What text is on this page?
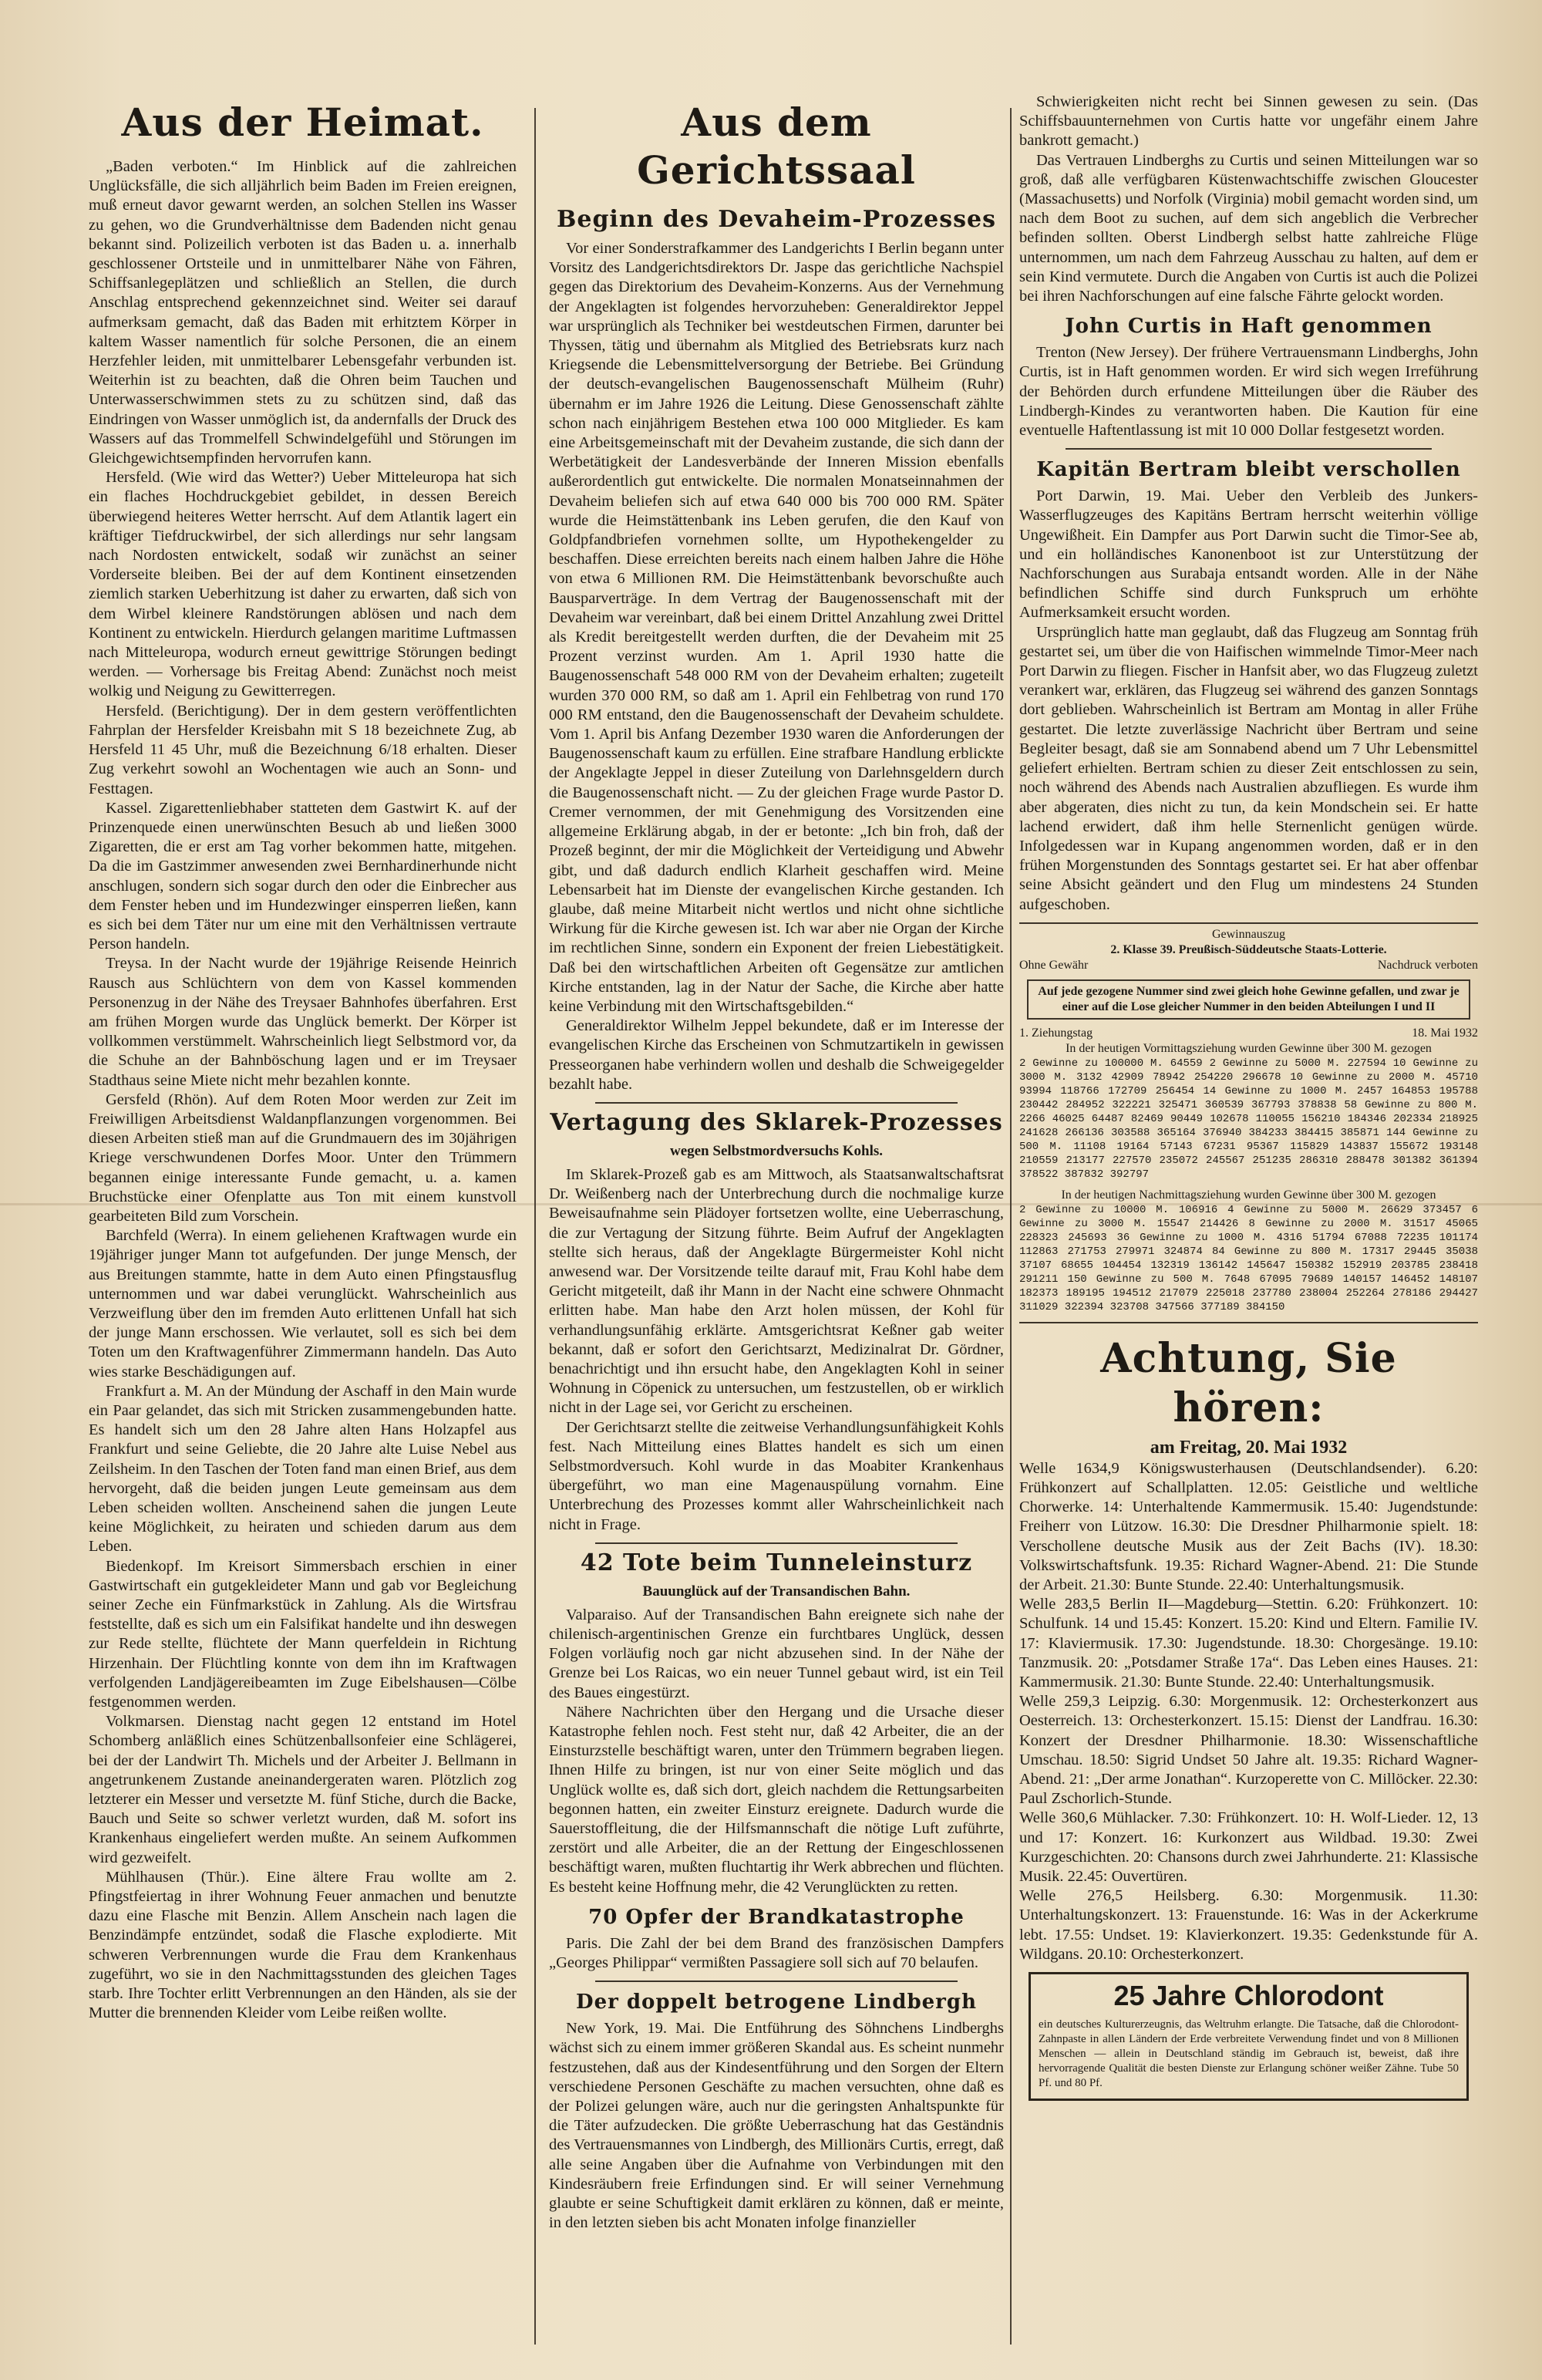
Aus der Heimat.

„Baden verboten.“ Im Hinblick auf die zahlreichen Unglücksfälle, die sich alljährlich beim Baden im Freien ereignen, muß erneut davor gewarnt werden, an solchen Stellen ins Wasser zu gehen, wo die Grundverhältnisse dem Badenden nicht genau bekannt sind. Polizeilich verboten ist das Baden u. a. innerhalb geschlossener Ortsteile und in unmittelbarer Nähe von Fähren, Schiffsanlegeplätzen und schließlich an Stellen, die durch Anschlag entsprechend gekennzeichnet sind. Weiter sei darauf aufmerksam gemacht, daß das Baden mit erhitztem Körper in kaltem Wasser namentlich für solche Personen, die an einem Herzfehler leiden, mit unmittelbarer Lebensgefahr verbunden ist. Weiterhin ist zu beachten, daß die Ohren beim Tauchen und Unterwasserschwimmen stets zu zu schützen sind, daß das Eindringen von Wasser unmöglich ist, da andernfalls der Druck des Wassers auf das Trommelfell Schwindelgefühl und Störungen im Gleichgewichtsempfinden hervorrufen kann.

Hersfeld. (Wie wird das Wetter?) Ueber Mitteleuropa hat sich ein flaches Hochdruckgebiet gebildet, in dessen Bereich überwiegend heiteres Wetter herrscht. Auf dem Atlantik lagert ein kräftiger Tiefdruckwirbel, der sich allerdings nur sehr langsam nach Nordosten entwickelt, sodaß wir zunächst an seiner Vorderseite bleiben. Bei der auf dem Kontinent einsetzenden ziemlich starken Ueberhitzung ist daher zu erwarten, daß sich von dem Wirbel kleinere Randstörungen ablösen und nach dem Kontinent zu entwickeln. Hierdurch gelangen maritime Luftmassen nach Mitteleuropa, wodurch erneut gewittrige Störungen bedingt werden. — Vorhersage bis Freitag Abend: Zunächst noch meist wolkig und Neigung zu Gewitterregen.

Hersfeld. (Berichtigung). Der in dem gestern veröffentlichten Fahrplan der Hersfelder Kreisbahn mit S 18 bezeichnete Zug, ab Hersfeld 11 45 Uhr, muß die Bezeichnung 6/18 erhalten. Dieser Zug verkehrt sowohl an Wochentagen wie auch an Sonn- und Festtagen.

Kassel. Zigarettenliebhaber statteten dem Gastwirt K. auf der Prinzenquede einen unerwünschten Besuch ab und ließen 3000 Zigaretten, die er erst am Tag vorher bekommen hatte, mitgehen. Da die im Gastzimmer anwesenden zwei Bernhardinerhunde nicht anschlugen, sondern sich sogar durch den oder die Einbrecher aus dem Fenster heben und im Hundezwinger einsperren ließen, kann es sich bei dem Täter nur um eine mit den Verhältnissen vertraute Person handeln.

Treysa. In der Nacht wurde der 19jährige Reisende Heinrich Rausch aus Schlüchtern von dem von Kassel kommenden Personenzug in der Nähe des Treysaer Bahnhofes überfahren. Erst am frühen Morgen wurde das Unglück bemerkt. Der Körper ist vollkommen verstümmelt. Wahrscheinlich liegt Selbstmord vor, da die Schuhe an der Bahnböschung lagen und er im Treysaer Stadthaus seine Miete nicht mehr bezahlen konnte.

Gersfeld (Rhön). Auf dem Roten Moor werden zur Zeit im Freiwilligen Arbeitsdienst Waldanpflanzungen vorgenommen. Bei diesen Arbeiten stieß man auf die Grundmauern des im 30jährigen Kriege verschwundenen Dorfes Moor. Unter den Trümmern begannen einige interessante Funde gemacht, u. a. kamen Bruchstücke einer Ofenplatte aus Ton mit einem kunstvoll gearbeiteten Bild zum Vorschein.

Barchfeld (Werra). In einem geliehenen Kraftwagen wurde ein 19jähriger junger Mann tot aufgefunden. Der junge Mensch, der aus Breitungen stammte, hatte in dem Auto einen Pfingstausflug unternommen und war dabei verunglückt. Wahrscheinlich aus Verzweiflung über den im fremden Auto erlittenen Unfall hat sich der junge Mann erschossen. Wie verlautet, soll es sich bei dem Toten um den Kraftwagenführer Zimmermann handeln. Das Auto wies starke Beschädigungen auf.

Frankfurt a. M. An der Mündung der Aschaff in den Main wurde ein Paar gelandet, das sich mit Stricken zusammengebunden hatte. Es handelt sich um den 28 Jahre alten Hans Holzapfel aus Frankfurt und seine Geliebte, die 20 Jahre alte Luise Nebel aus Zeilsheim. In den Taschen der Toten fand man einen Brief, aus dem hervorgeht, daß die beiden jungen Leute gemeinsam aus dem Leben scheiden wollten. Anscheinend sahen die jungen Leute keine Möglichkeit, zu heiraten und schieden darum aus dem Leben.

Biedenkopf. Im Kreisort Simmersbach erschien in einer Gastwirtschaft ein gutgekleideter Mann und gab vor Begleichung seiner Zeche ein Fünfmarkstück in Zahlung. Als die Wirtsfrau feststellte, daß es sich um ein Falsifikat handelte und ihn deswegen zur Rede stellte, flüchtete der Mann querfeldein in Richtung Hirzenhain. Der Flüchtling konnte von dem ihn im Kraftwagen verfolgenden Landjägereibeamten im Zuge Eibelshausen—Cölbe festgenommen werden.

Volkmarsen. Dienstag nacht gegen 12 entstand im Hotel Schomberg anläßlich eines Schützenballsonfeier eine Schlägerei, bei der der Landwirt Th. Michels und der Arbeiter J. Bellmann in angetrunkenem Zustande aneinandergeraten waren. Plötzlich zog letzterer ein Messer und versetzte M. fünf Stiche, durch die Backe, Bauch und Seite so schwer verletzt wurden, daß M. sofort ins Krankenhaus eingeliefert werden mußte. An seinem Aufkommen wird gezweifelt.

Mühlhausen (Thür.). Eine ältere Frau wollte am 2. Pfingstfeiertag in ihrer Wohnung Feuer anmachen und benutzte dazu eine Flasche mit Benzin. Allem Anschein nach lagen die Benzindämpfe entzündet, sodaß die Flasche explodierte. Mit schweren Verbrennungen wurde die Frau dem Krankenhaus zugeführt, wo sie in den Nachmittagsstunden des gleichen Tages starb. Ihre Tochter erlitt Verbrennungen an den Händen, als sie der Mutter die brennenden Kleider vom Leibe reißen wollte.

Aus dem Gerichtssaal
Beginn des Devaheim-Prozesses

Vor einer Sonderstrafkammer des Landgerichts I Berlin begann unter Vorsitz des Landgerichtsdirektors Dr. Jaspe das gerichtliche Nachspiel gegen das Direktorium des Devaheim-Konzerns. Aus der Vernehmung der Angeklagten ist folgendes hervorzuheben: Generaldirektor Jeppel war ursprünglich als Techniker bei westdeutschen Firmen, darunter bei Thyssen, tätig und übernahm als Mitglied des Betriebsrats kurz nach Kriegsende die Lebensmittelversorgung der Betriebe. Bei Gründung der deutsch-evangelischen Baugenossenschaft Mülheim (Ruhr) übernahm er im Jahre 1926 die Leitung. Diese Genossenschaft zählte schon nach einjährigem Bestehen etwa 100 000 Mitglieder. Es kam eine Arbeitsgemeinschaft mit der Devaheim zustande, die sich dann der Werbetätigkeit der Landesverbände der Inneren Mission ebenfalls außerordentlich gut entwickelte. Die normalen Monatseinnahmen der Devaheim beliefen sich auf etwa 640 000 bis 700 000 RM. Später wurde die Heimstättenbank ins Leben gerufen, die den Kauf von Goldpfandbriefen vornehmen sollte, um Hypothekengelder zu beschaffen. Diese erreichten bereits nach einem halben Jahre die Höhe von etwa 6 Millionen RM. Die Heimstättenbank bevorschußte auch Bausparverträge. In dem Vertrag der Baugenossenschaft mit der Devaheim war vereinbart, daß bei einem Drittel Anzahlung zwei Drittel als Kredit bereitgestellt werden durften, die der Devaheim mit 25 Prozent verzinst wurden. Am 1. April 1930 hatte die Baugenossenschaft 548 000 RM von der Devaheim erhalten; zugeteilt wurden 370 000 RM, so daß am 1. April ein Fehlbetrag von rund 170 000 RM entstand, den die Baugenossenschaft der Devaheim schuldete. Vom 1. April bis Anfang Dezember 1930 waren die Anforderungen der Baugenossenschaft kaum zu erfüllen. Eine strafbare Handlung erblickte der Angeklagte Jeppel in dieser Zuteilung von Darlehnsgeldern durch die Baugenossenschaft nicht. — Zu der gleichen Frage wurde Pastor D. Cremer vernommen, der mit Genehmigung des Vorsitzenden eine allgemeine Erklärung abgab, in der er betonte: „Ich bin froh, daß der Prozeß beginnt, der mir die Möglichkeit der Verteidigung und Abwehr gibt, und daß dadurch endlich Klarheit geschaffen wird. Meine Lebensarbeit hat im Dienste der evangelischen Kirche gestanden. Ich glaube, daß meine Mitarbeit nicht wertlos und nicht ohne sichtliche Wirkung für die Kirche gewesen ist. Ich war aber nie Organ der Kirche im rechtlichen Sinne, sondern ein Exponent der freien Liebestätigkeit. Daß bei den wirtschaftlichen Arbeiten oft Gegensätze zur amtlichen Kirche entstanden, lag in der Natur der Sache, die Kirche aber hatte keine Verbindung mit den Wirtschaftsgebilden.“

Generaldirektor Wilhelm Jeppel bekundete, daß er im Interesse der evangelischen Kirche das Erscheinen von Schmutzartikeln in gewissen Presseorganen habe verhindern wollen und deshalb die Schweigegelder bezahlt habe.

Vertagung des Sklarek-Prozesses
wegen Selbstmordversuchs Kohls.

Im Sklarek-Prozeß gab es am Mittwoch, als Staatsanwaltschaftsrat Dr. Weißenberg nach der Unterbrechung durch die nochmalige kurze Beweisaufnahme sein Plädoyer fortsetzen wollte, eine Ueberraschung, die zur Vertagung der Sitzung führte. Beim Aufruf der Angeklagten stellte sich heraus, daß der Angeklagte Bürgermeister Kohl nicht anwesend war. Der Vorsitzende teilte darauf mit, Frau Kohl habe dem Gericht mitgeteilt, daß ihr Mann in der Nacht eine schwere Ohnmacht erlitten habe. Man habe den Arzt holen müssen, der Kohl für verhandlungsunfähig erklärte. Amtsgerichtsrat Keßner gab weiter bekannt, daß er sofort den Gerichtsarzt, Medizinalrat Dr. Gördner, benachrichtigt und ihn ersucht habe, den Angeklagten Kohl in seiner Wohnung in Cöpenick zu untersuchen, um festzustellen, ob er wirklich nicht in der Lage sei, vor Gericht zu erscheinen.

Der Gerichtsarzt stellte die zeitweise Verhandlungsunfähigkeit Kohls fest. Nach Mitteilung eines Blattes handelt es sich um einen Selbstmordversuch. Kohl wurde in das Moabiter Krankenhaus übergeführt, wo man eine Magenauspülung vornahm. Eine Unterbrechung des Prozesses kommt aller Wahrscheinlichkeit nach nicht in Frage.

42 Tote beim Tunneleinsturz
Bauunglück auf der Transandischen Bahn.

Valparaiso. Auf der Transandischen Bahn ereignete sich nahe der chilenisch-argentinischen Grenze ein furchtbares Unglück, dessen Folgen vorläufig noch gar nicht abzusehen sind. In der Nähe der Grenze bei Los Raicas, wo ein neuer Tunnel gebaut wird, ist ein Teil des Baues eingestürzt.

Nähere Nachrichten über den Hergang und die Ursache dieser Katastrophe fehlen noch. Fest steht nur, daß 42 Arbeiter, die an der Einsturzstelle beschäftigt waren, unter den Trümmern begraben liegen. Ihnen Hilfe zu bringen, ist nur von einer Seite möglich und das Unglück wollte es, daß sich dort, gleich nachdem die Rettungsarbeiten begonnen hatten, ein zweiter Einsturz ereignete. Dadurch wurde die Sauerstoffleitung, die der Hilfsmannschaft die nötige Luft zuführte, zerstört und alle Arbeiter, die an der Rettung der Eingeschlossenen beschäftigt waren, mußten fluchtartig ihr Werk abbrechen und flüchten. Es besteht keine Hoffnung mehr, die 42 Verunglückten zu retten.

70 Opfer der Brandkatastrophe

Paris. Die Zahl der bei dem Brand des französischen Dampfers „Georges Philippar“ vermißten Passagiere soll sich auf 70 belaufen.

Der doppelt betrogene Lindbergh

New York, 19. Mai. Die Entführung des Söhnchens Lindberghs wächst sich zu einem immer größeren Skandal aus. Es scheint nunmehr festzustehen, daß aus der Kindesentführung und den Sorgen der Eltern verschiedene Personen Geschäfte zu machen versuchten, ohne daß es der Polizei gelungen wäre, auch nur die geringsten Anhaltspunkte für die Täter aufzudecken. Die größte Ueberraschung hat das Geständnis des Vertrauensmannes von Lindbergh, des Millionärs Curtis, erregt, daß alle seine Angaben über die Aufnahme von Verbindungen mit den Kindesräubern freie Erfindungen sind. Er will seiner Vernehmung glaubte er seine Schuftigkeit damit erklären zu können, daß er meinte, in den letzten sieben bis acht Monaten infolge finanzieller

Schwierigkeiten nicht recht bei Sinnen gewesen zu sein. (Das Schiffsbauunternehmen von Curtis hatte vor ungefähr einem Jahre bankrott gemacht.)

Das Vertrauen Lindberghs zu Curtis und seinen Mitteilungen war so groß, daß alle verfügbaren Küstenwachtschiffe zwischen Gloucester (Massachusetts) und Norfolk (Virginia) mobil gemacht worden sind, um nach dem Boot zu suchen, auf dem sich angeblich die Verbrecher befinden sollten. Oberst Lindbergh selbst hatte zahlreiche Flüge unternommen, um nach dem Fahrzeug Ausschau zu halten, auf dem er sein Kind vermutete. Durch die Angaben von Curtis ist auch die Polizei bei ihren Nachforschungen auf eine falsche Fährte gelockt worden.

John Curtis in Haft genommen

Trenton (New Jersey). Der frühere Vertrauensmann Lindberghs, John Curtis, ist in Haft genommen worden. Er wird sich wegen Irreführung der Behörden durch erfundene Mitteilungen über die Räuber des Lindbergh-Kindes zu verantworten haben. Die Kaution für eine eventuelle Haftentlassung ist mit 10 000 Dollar festgesetzt worden.

Kapitän Bertram bleibt verschollen

Port Darwin, 19. Mai. Ueber den Verbleib des Junkers-Wasserflugzeuges des Kapitäns Bertram herrscht weiterhin völlige Ungewißheit. Ein Dampfer aus Port Darwin sucht die Timor-See ab, und ein holländisches Kanonenboot ist zur Unterstützung der Nachforschungen aus Surabaja entsandt worden. Alle in der Nähe befindlichen Schiffe sind durch Funkspruch um erhöhte Aufmerksamkeit ersucht worden.

Ursprünglich hatte man geglaubt, daß das Flugzeug am Sonntag früh gestartet sei, um über die von Haifischen wimmelnde Timor-Meer nach Port Darwin zu fliegen. Fischer in Hanfsit aber, wo das Flugzeug zuletzt verankert war, erklären, das Flugzeug sei während des ganzen Sonntags dort geblieben. Wahrscheinlich ist Bertram am Montag in aller Frühe gestartet. Die letzte zuverlässige Nachricht über Bertram und seine Begleiter besagt, daß sie am Sonnabend abend um 7 Uhr Lebensmittel geliefert erhielten. Bertram schien zu dieser Zeit entschlossen zu sein, noch während des Abends nach Australien abzufliegen. Es wurde ihm aber abgeraten, dies nicht zu tun, da kein Mondschein sei. Er hatte lachend erwidert, daß ihm helle Sternenlicht genügen würde. Infolgedessen war in Kupang angenommen worden, daß er in den frühen Morgenstunden des Sonntags gestartet sei. Er hat aber offenbar seine Absicht geändert und den Flug um mindestens 24 Stunden aufgeschoben.

Gewinnauszug
2. Klasse 39. Preußisch-Süddeutsche Staats-Lotterie.
Ohne Gewähr	Nachdruck verboten
Auf jede gezogene Nummer sind zwei gleich hohe Gewinne gefallen, und zwar je einer auf die Lose gleicher Nummer in den beiden Abteilungen I und II
1. Ziehungstag	18. Mai 1932
In der heutigen Vormittagsziehung wurden Gewinne über 300 M. gezogen
2 Gewinne zu 100000 M. 64559 2 Gewinne zu 5000 M. 227594 10 Gewinne zu 3000 M. 3132 42909 78942 254220 296678 10 Gewinne zu 2000 M. 45710 93994 118766 172709 256454 14 Gewinne zu 1000 M. 2457 164853 195788 230442 284952 322221 325471 360539 367793 378838 58 Gewinne zu 800 M. 2266 46025 64487 82469 90449 102678 110055 156210 184346 202334 218925 241628 266136 303588 365164 376940 384233 384415 385871 144 Gewinne zu 500 M. 11108 19164 57143 67231 95367 115829 143837 155672 193148 210559 213177 227570 235072 245567 251235 286310 288478 301382 361394 378522 387832 392797
In der heutigen Nachmittagsziehung wurden Gewinne über 300 M. gezogen
2 Gewinne zu 10000 M. 106916 4 Gewinne zu 5000 M. 26629 373457 6 Gewinne zu 3000 M. 15547 214426 8 Gewinne zu 2000 M. 31517 45065 228323 245693 36 Gewinne zu 1000 M. 4316 51794 67088 72235 101174 112863 271753 279971 324874 84 Gewinne zu 800 M. 17317 29445 35038 37107 68655 104454 132319 136142 145647 150382 152919 203785 238418 291211 150 Gewinne zu 500 M. 7648 67095 79689 140157 146452 148107 182373 189195 194512 217079 225018 237780 238004 252264 278186 294427 311029 322394 323708 347566 377189 384150
Achtung, Sie hören:
am Freitag, 20. Mai 1932

Welle 1634,9 Königswusterhausen (Deutschlandsender). 6.20: Frühkonzert auf Schallplatten. 12.05: Geistliche und weltliche Chorwerke. 14: Unterhaltende Kammermusik. 15.40: Jugendstunde: Freiherr von Lützow. 16.30: Die Dresdner Philharmonie spielt. 18: Verschollene deutsche Musik aus der Zeit Bachs (IV). 18.30: Volkswirtschaftsfunk. 19.35: Richard Wagner-Abend. 21: Die Stunde der Arbeit. 21.30: Bunte Stunde. 22.40: Unterhaltungsmusik.

Welle 283,5 Berlin II—Magdeburg—Stettin. 6.20: Frühkonzert. 10: Schulfunk. 14 und 15.45: Konzert. 15.20: Kind und Eltern. Familie IV. 17: Klaviermusik. 17.30: Jugendstunde. 18.30: Chorgesänge. 19.10: Tanzmusik. 20: „Potsdamer Straße 17a“. Das Leben eines Hauses. 21: Kammermusik. 21.30: Bunte Stunde. 22.40: Unterhaltungsmusik.

Welle 259,3 Leipzig. 6.30: Morgenmusik. 12: Orchesterkonzert aus Oesterreich. 13: Orchesterkonzert. 15.15: Dienst der Landfrau. 16.30: Konzert der Dresdner Philharmonie. 18.30: Wissenschaftliche Umschau. 18.50: Sigrid Undset 50 Jahre alt. 19.35: Richard Wagner-Abend. 21: „Der arme Jonathan“. Kurzoperette von C. Millöcker. 22.30: Paul Zschorlich-Stunde.

Welle 360,6 Mühlacker. 7.30: Frühkonzert. 10: H. Wolf-Lieder. 12, 13 und 17: Konzert. 16: Kurkonzert aus Wildbad. 19.30: Zwei Kurzgeschichten. 20: Chansons durch zwei Jahrhunderte. 21: Klassische Musik. 22.45: Ouvertüren.

Welle 276,5 Heilsberg. 6.30: Morgenmusik. 11.30: Unterhaltungskonzert. 13: Frauenstunde. 16: Was in der Ackerkrume lebt. 17.55: Undset. 19: Klavierkonzert. 19.35: Gedenkstunde für A. Wildgans. 20.10: Orchesterkonzert.

25 Jahre Chlorodont

ein deutsches Kulturerzeugnis, das Weltruhm erlangte. Die Tatsache, daß die Chlorodont-Zahnpaste in allen Ländern der Erde verbreitete Verwendung findet und von 8 Millionen Menschen — allein in Deutschland ständig im Gebrauch ist, beweist, daß ihre hervorragende Qualität die besten Dienste zur Erlangung schöner weißer Zähne. Tube 50 Pf. und 80 Pf.
